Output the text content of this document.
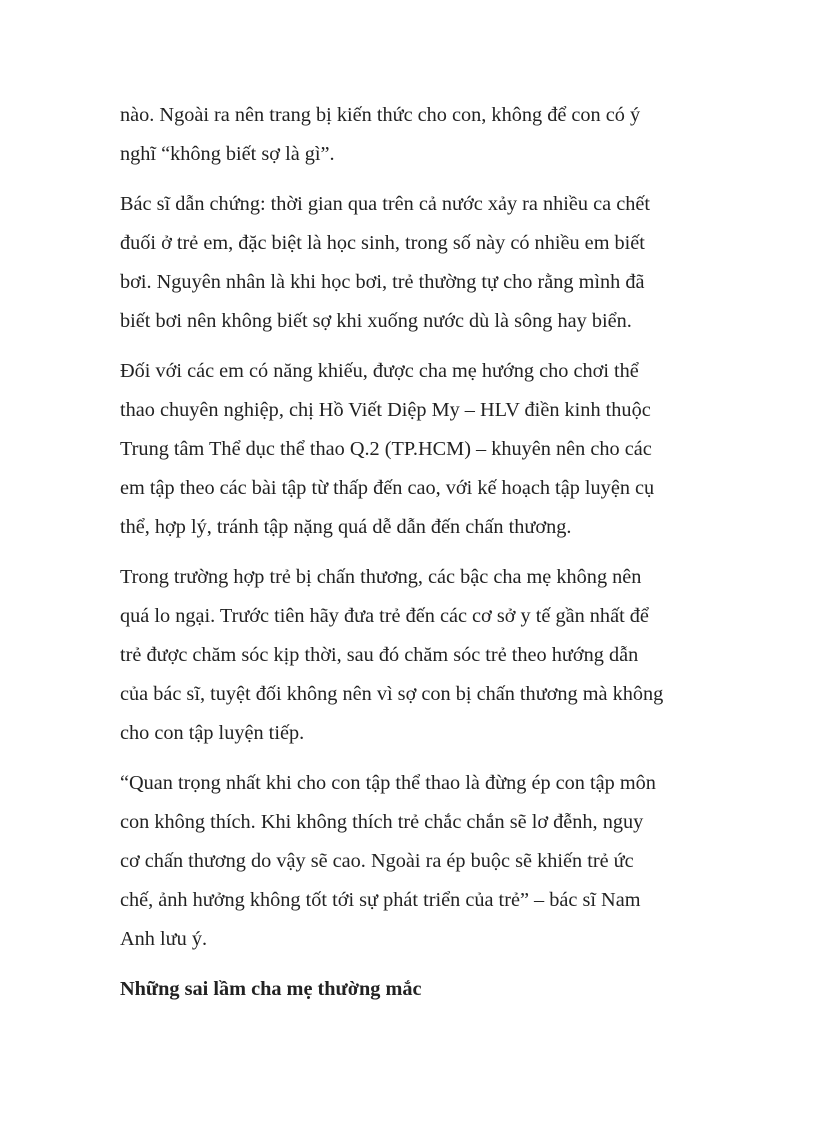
nào. Ngoài ra nên trang bị kiến thức cho con, không để con có ý
nghĩ “không biết sợ là gì”.

Bác sĩ dẫn chứng: thời gian qua trên cả nước xảy ra nhiều ca chết
đuối ở trẻ em, đặc biệt là học sinh, trong số này có nhiều em biết
bơi. Nguyên nhân là khi học bơi, trẻ thường tự cho rằng mình đã
biết bơi nên không biết sợ khi xuống nước dù là sông hay biển.

Đối với các em có năng khiếu, được cha mẹ hướng cho chơi thể
thao chuyên nghiệp, chị Hồ Viết Diệp My – HLV điền kinh thuộc
Trung tâm Thể dục thể thao Q.2 (TP.HCM) – khuyên nên cho các
em tập theo các bài tập từ thấp đến cao, với kế hoạch tập luyện cụ
thể, hợp lý, tránh tập nặng quá dễ dẫn đến chấn thương.

Trong trường hợp trẻ bị chấn thương, các bậc cha mẹ không nên
quá lo ngại. Trước tiên hãy đưa trẻ đến các cơ sở y tế gần nhất để
trẻ được chăm sóc kịp thời, sau đó chăm sóc trẻ theo hướng dẫn
của bác sĩ, tuyệt đối không nên vì sợ con bị chấn thương mà không
cho con tập luyện tiếp.

“Quan trọng nhất khi cho con tập thể thao là đừng ép con tập môn
con không thích. Khi không thích trẻ chắc chắn sẽ lơ đễnh, nguy
cơ chấn thương do vậy sẽ cao. Ngoài ra ép buộc sẽ khiến trẻ ức
chế, ảnh hưởng không tốt tới sự phát triển của trẻ” – bác sĩ Nam
Anh lưu ý.

Những sai lầm cha mẹ thường mắc
